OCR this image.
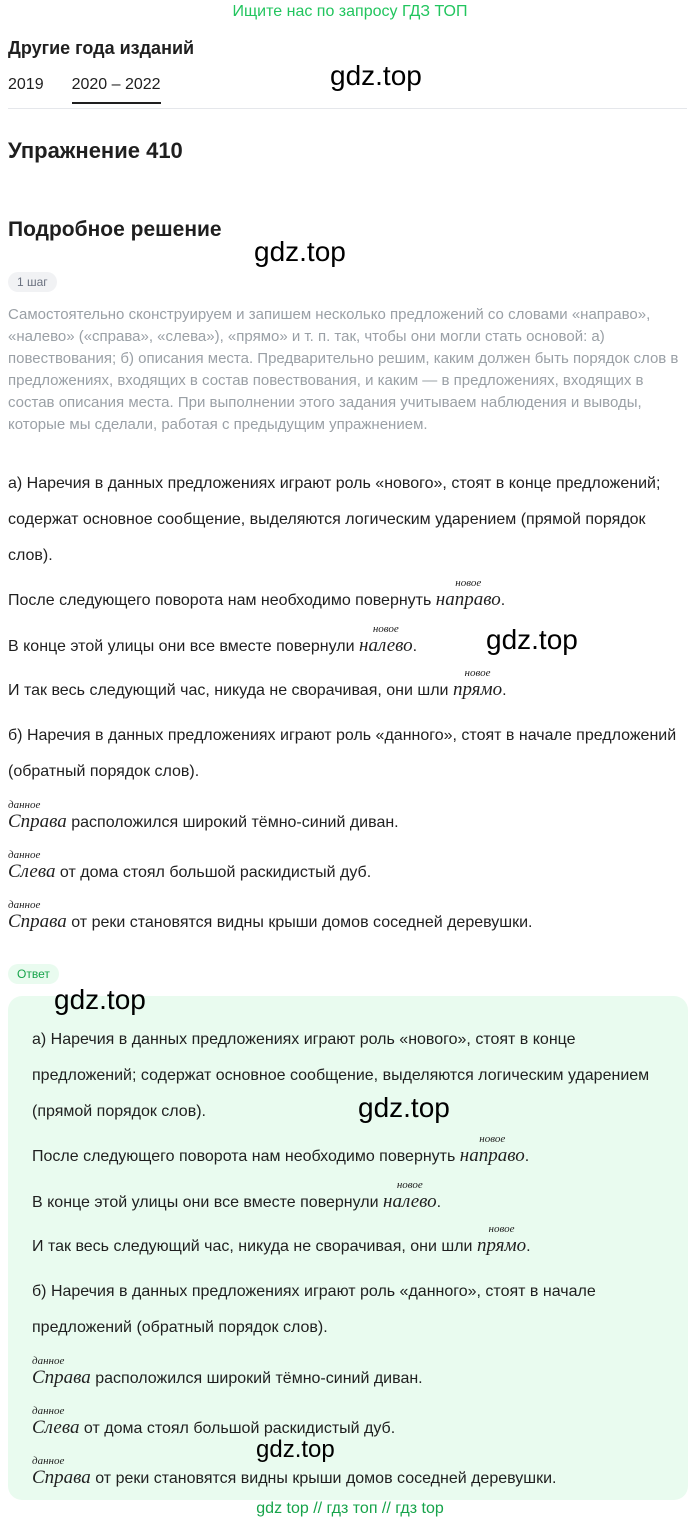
Ищите нас по запросу ГДЗ ТОП
Другие года изданий
2019 2020 – 2022	gdz.top
Упражнение 410
Подробное решение
gdz.top
1 шаг
Самостоятельно сконструируем и запишем несколько предложений со словами «направо», «налево» («справа», «слева»), «прямо» и т. п. так, чтобы они могли стать основой: а) повествования; б) описания места. Предварительно решим, каким должен быть порядок слов в предложениях, входящих в состав повествования, и каким — в предложениях, входящих в состав описания места. При выполнении этого задания учитываем наблюдения и выводы, которые мы сделали, работая с предыдущим упражнением.
а) Наречия в данных предложениях играют роль «нового», стоят в конце предложений; содержат основное сообщение, выделяются логическим ударением (прямой порядок слов).
После следующего поворота нам необходимо повернуть
новое
направо.
В конце этой улицы они все вместе повернули
новое
налево. gdz.top
И так весь следующий час, никуда не сворачивая, они шли
новое
прямо.
б) Наречия в данных предложениях играют роль «данного», стоят в начале предложений (обратный порядок слов).
данное
Справа расположился широкий тёмно-синий диван.
данное
Слева от дома стоял большой раскидистый дуб.
данное
Справа от реки становятся видны крыши домов соседней деревушки.
Ответ
gdz.top
а) Наречия в данных предложениях играют роль «нового», стоят в конце предложений; содержат основное сообщение, выделяются логическим ударением (прямой порядок слов).	gdz.top
После следующего поворота нам необходимо повернуть
новое
направо.
В конце этой улицы они все вместе повернули
новое
налево.
И так весь следующий час, никуда не сворачивая, они шли
новое
прямо.
б) Наречия в данных предложениях играют роль «данного», стоят в начале предложений (обратный порядок слов).
данное
Справа расположился широкий тёмно-синий диван.
данное
Слева от дома стоял большой раскидистый дуб.
gdz.top
данное
Справа от реки становятся видны крыши домов соседней деревушки.
gdz top // гдз топ // гдз top
